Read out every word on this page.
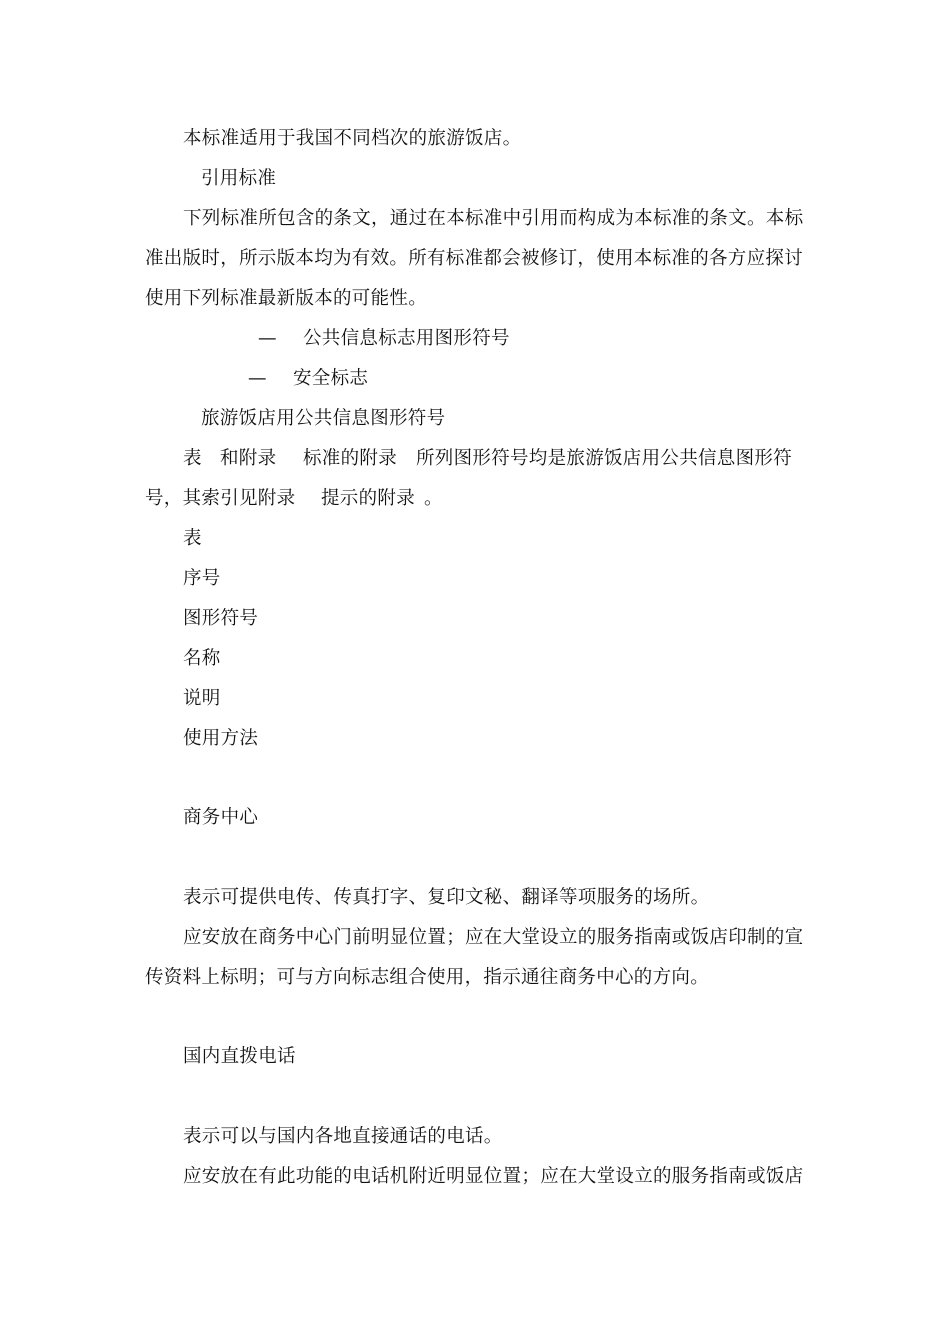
本标准适用于我国不同档次的旅游饭店。
引用标准
下列标准所包含的条文，通过在本标准中引用而构成为本标准的条文。本标
准出版时，所示版本均为有效。所有标准都会被修订，使用本标准的各方应探讨
使用下列标准最新版本的可能性。
— 公共信息标志用图形符号
— 安全标志
旅游饭店用公共信息图形符号
表 和附录 标准的附录 所列图形符号均是旅游饭店用公共信息图形符
号，其索引见附录 提示的附录 。
表
序号
图形符号
名称
说明
使用方法
商务中心
表示可提供电传、传真打字、复印文秘、翻译等项服务的场所。
应安放在商务中心门前明显位置；应在大堂设立的服务指南或饭店印制的宣
传资料上标明；可与方向标志组合使用，指示通往商务中心的方向。
国内直拨电话
表示可以与国内各地直接通话的电话。
应安放在有此功能的电话机附近明显位置；应在大堂设立的服务指南或饭店
